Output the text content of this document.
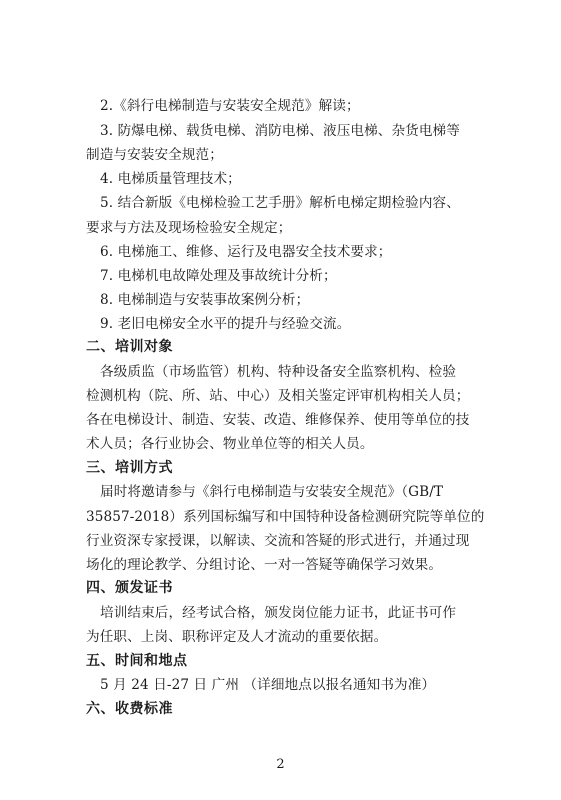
2.《斜行电梯制造与安装安全规范》解读；
3. 防爆电梯、载货电梯、消防电梯、液压电梯、杂货电梯等
制造与安装安全规范；
4. 电梯质量管理技术；
5. 结合新版《电梯检验工艺手册》解析电梯定期检验内容、
要求与方法及现场检验安全规定；
6. 电梯施工、维修、运行及电器安全技术要求；
7. 电梯机电故障处理及事故统计分析；
8. 电梯制造与安装事故案例分析；
9. 老旧电梯安全水平的提升与经验交流。
二、培训对象
各级质监（市场监管）机构、特种设备安全监察机构、检验
检测机构（院、所、站、中心）及相关鉴定评审机构相关人员；
各在电梯设计、制造、安装、改造、维修保养、使用等单位的技
术人员；各行业协会、物业单位等的相关人员。
三、培训方式
届时将邀请参与《斜行电梯制造与安装安全规范》（GB/T
35857-2018）系列国标编写和中国特种设备检测研究院等单位的
行业资深专家授课，以解读、交流和答疑的形式进行，并通过现
场化的理论教学、分组讨论、一对一答疑等确保学习效果。
四、颁发证书
培训结束后，经考试合格，颁发岗位能力证书，此证书可作
为任职、上岗、职称评定及人才流动的重要依据。
五、时间和地点
5 月 24 日-27 日 广州 （详细地点以报名通知书为准）
六、收费标准
2
